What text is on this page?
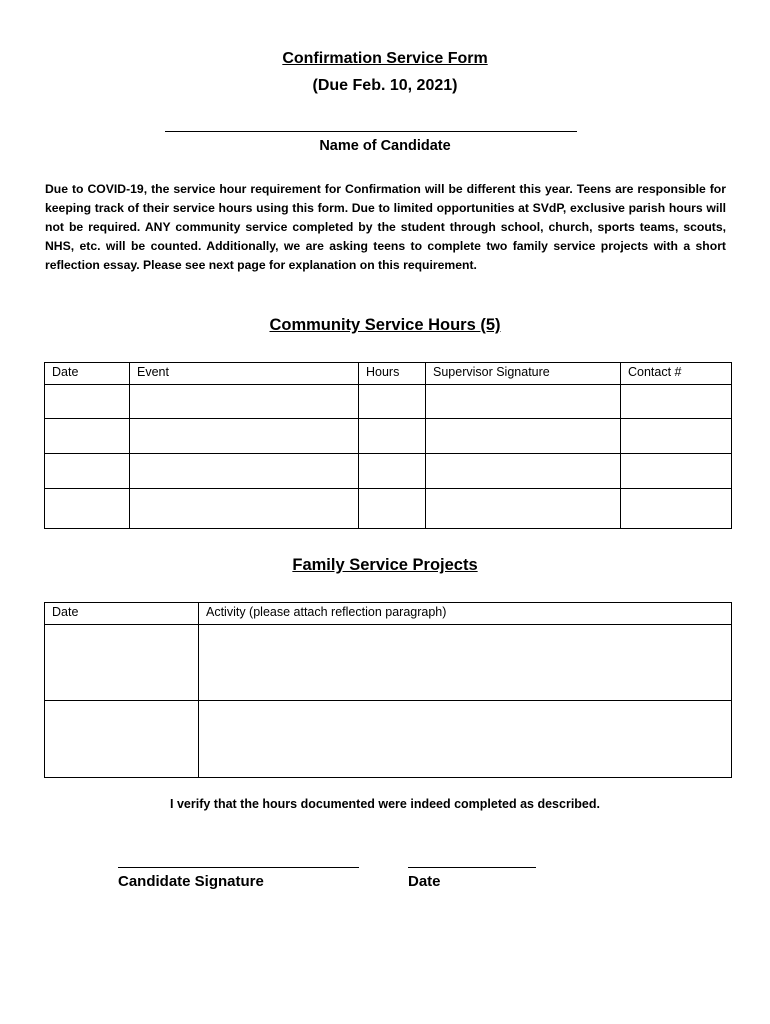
Confirmation Service Form
(Due Feb. 10, 2021)
Name of Candidate
Due to COVID-19, the service hour requirement for Confirmation will be different this year. Teens are responsible for keeping track of their service hours using this form. Due to limited opportunities at SVdP, exclusive parish hours will not be required. ANY community service completed by the student through school, church, sports teams, scouts, NHS, etc. will be counted. Additionally, we are asking teens to complete two family service projects with a short reflection essay. Please see next page for explanation on this requirement.
Community Service Hours (5)
Date	Event	Hours	Supervisor Signature	Contact #

Family Service Projects
Date	Activity (please attach reflection paragraph)

I verify that the hours documented were indeed completed as described.
Candidate Signature	Date
